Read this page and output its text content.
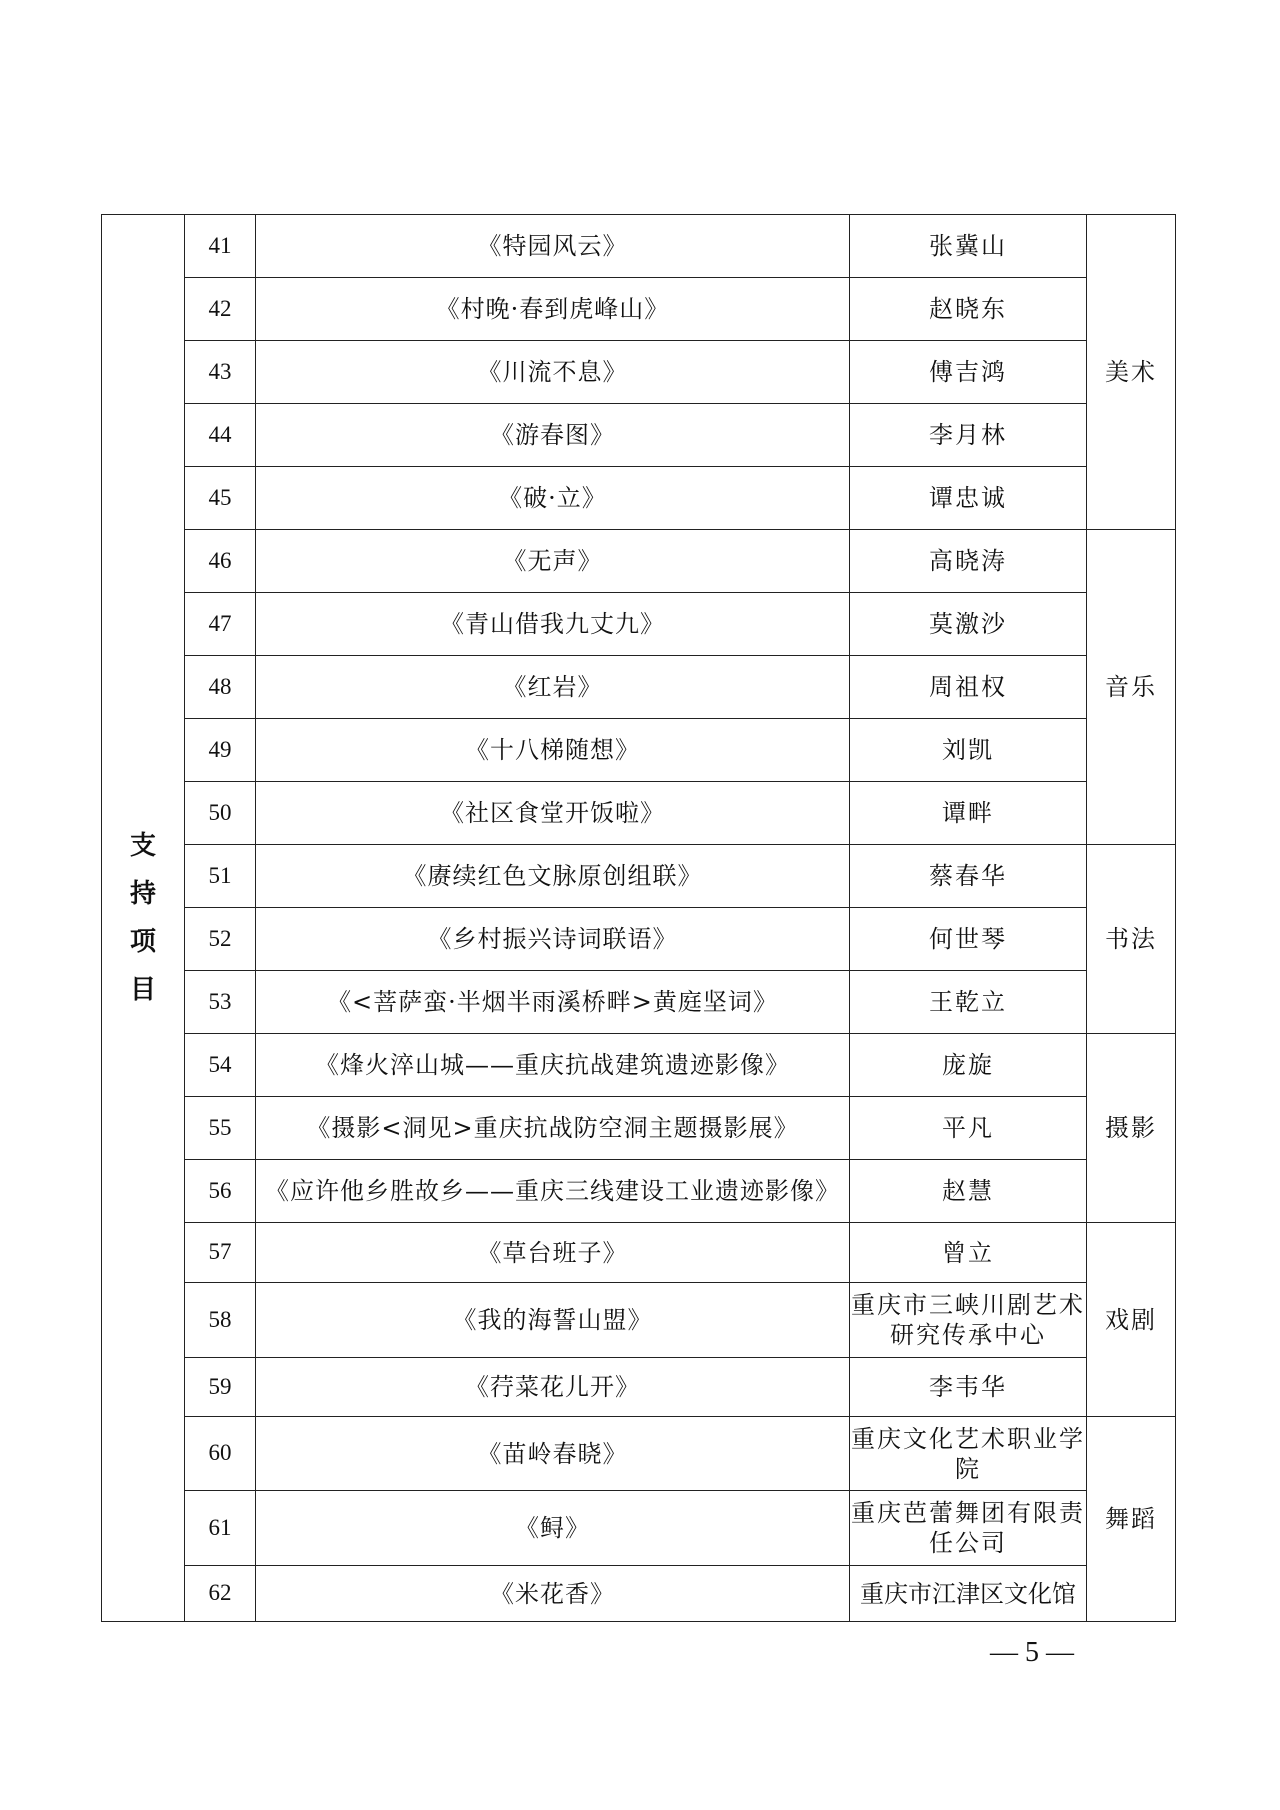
支持项目	41	《特园风云》	张冀山	美术
	42	《村晚·春到虎峰山》	赵晓东	
	43	《川流不息》	傅吉鸿	
	44	《游春图》	李月林	
	45	《破·立》	谭忠诚	
	46	《无声》	高晓涛	音乐
	47	《青山借我九丈九》	莫激沙	
	48	《红岩》	周祖权	
	49	《十八梯随想》	刘凯	
	50	《社区食堂开饭啦》	谭畔	
	51	《赓续红色文脉原创组联》	蔡春华	书法
	52	《乡村振兴诗词联语》	何世琴	
	53	《<菩萨蛮·半烟半雨溪桥畔>黄庭坚词》	王乾立	
	54	《烽火淬山城——重庆抗战建筑遗迹影像》	庞旋	摄影
	55	《摄影<洞见>重庆抗战防空洞主题摄影展》	平凡	
	56	《应许他乡胜故乡——重庆三线建设工业遗迹影像》	赵慧	
	57	《草台班子》	曾立	戏剧
	58	《我的海誓山盟》	重庆市三峡川剧艺术研究传承中心	
	59	《荇菜花儿开》	李韦华	
	60	《苗岭春晓》	重庆文化艺术职业学院	舞蹈
	61	《鲟》	重庆芭蕾舞团有限责任公司	
	62	《米花香》	重庆市江津区文化馆	
— 5 —
